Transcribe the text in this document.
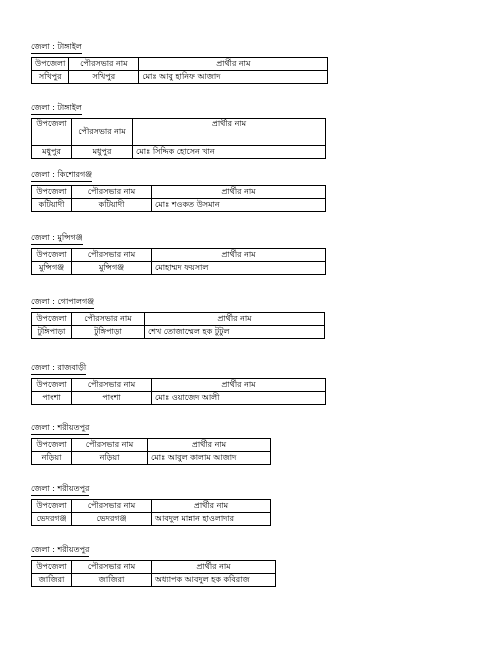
জেলা : টাঙ্গাইল
উপজেলা	পৌরসভার নাম	প্রার্থীর নাম
সখিপুর	সখিপুর	মোঃ আবু হানিফ আজাদ
জেলা : টাঙ্গাইল
উপজেলা	পৌরসভার নাম	প্রার্থীর নাম
মধুপুর	মধুপুর	মোঃ সিদ্দিক হোসেন খান
জেলা : কিশোরগঞ্জ
উপজেলা	পৌরসভার নাম	প্রার্থীর নাম
কটিয়াদী	কটিয়াদী	মোঃ শওকত উসমান
জেলা : মুন্সিগঞ্জ
উপজেলা	পৌরসভার নাম	প্রার্থীর নাম
মুন্সিগঞ্জ	মুন্সিগঞ্জ	মোহাম্মদ ফয়সাল
জেলা : গোপালগঞ্জ
উপজেলা	পৌরসভার নাম	প্রার্থীর নাম
টুঙ্গিপাড়া	টুঙ্গিপাড়া	শেখ তোজাম্মেল হক টুটুল
জেলা : রাজবাড়ী
উপজেলা	পৌরসভার নাম	প্রার্থীর নাম
পাংশা	পাংশা	মোঃ ওয়াজেদ আলী
জেলা : শরীয়তপুর
উপজেলা	পৌরসভার নাম	প্রার্থীর নাম
নড়িয়া	নড়িয়া	মোঃ আবুল কালাম আজাদ
জেলা : শরীয়তপুর
উপজেলা	পৌরসভার নাম	প্রার্থীর নাম
ভেদরগঞ্জ	ভেদরগঞ্জ	আবদুল মান্নান হাওলাদার
জেলা : শরীয়তপুর
উপজেলা	পৌরসভার নাম	প্রার্থীর নাম
জাজিরা	জাজিরা	অধ্যাপক আবদুল হক কবিরাজ
